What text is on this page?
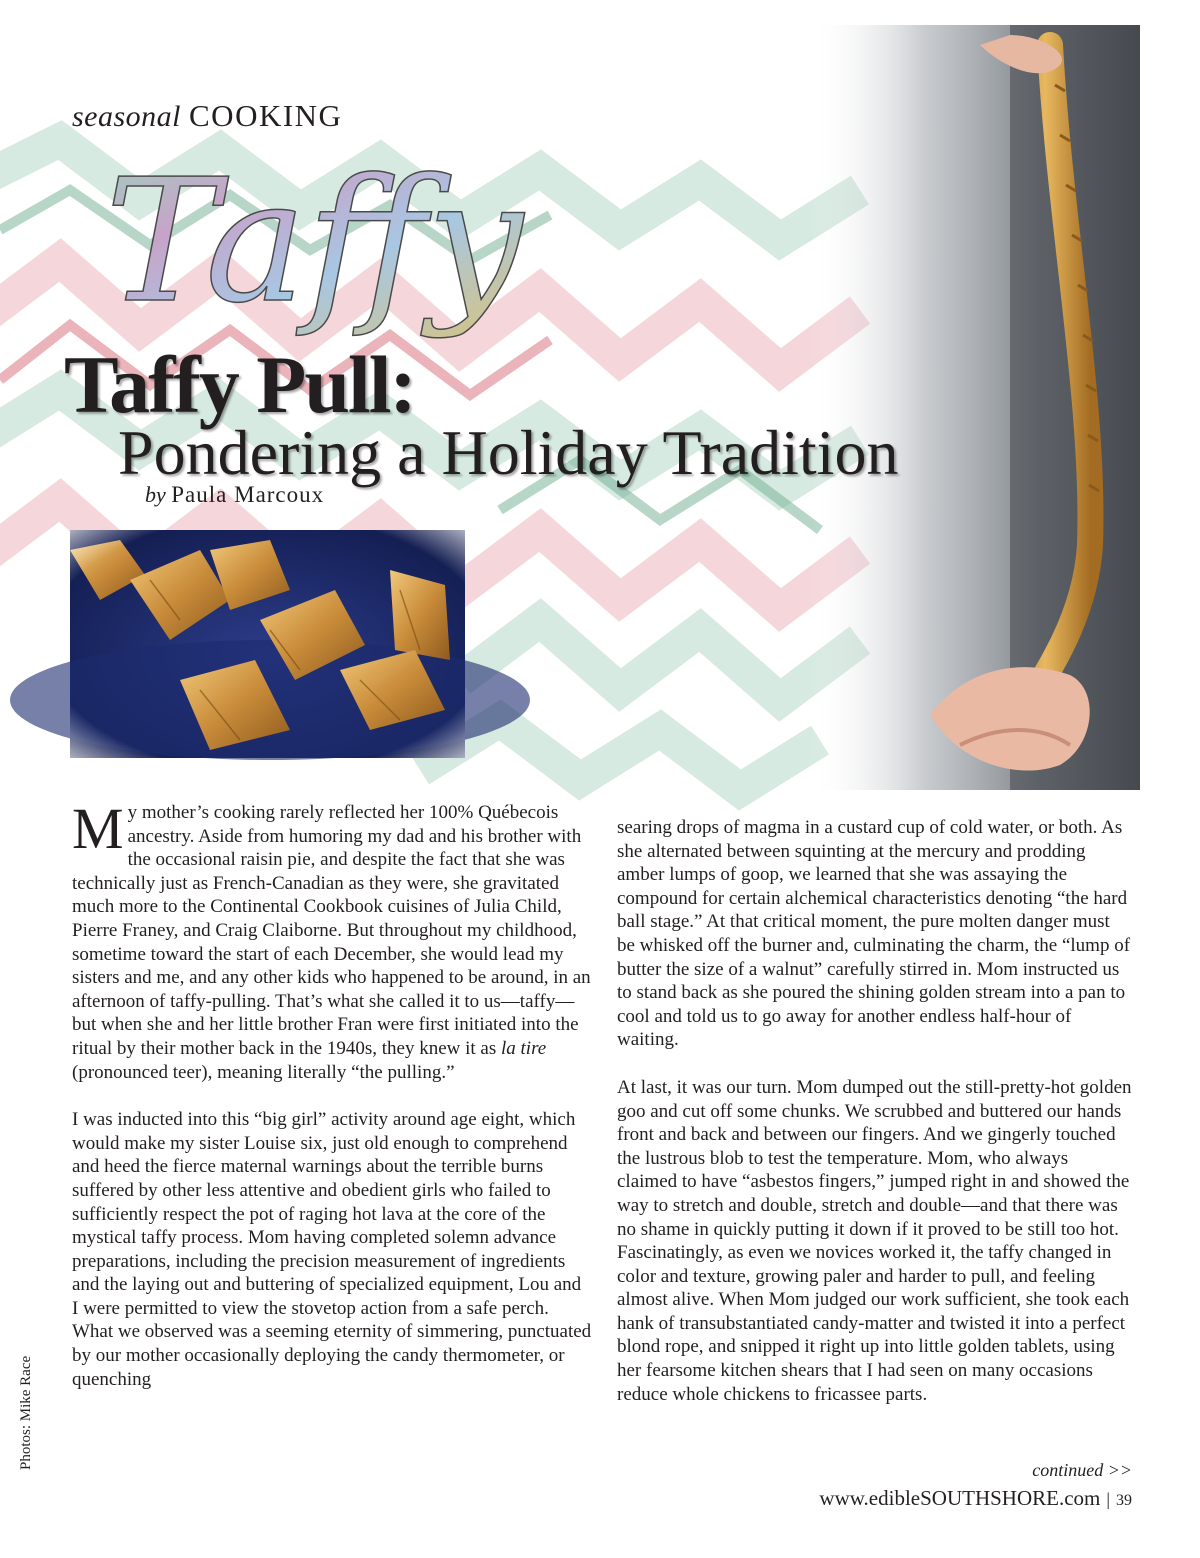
seasonal COOKING
Taffy
Taffy Pull:
Pondering a Holiday Tradition
by Paula Marcoux

My mother’s cooking rarely reflected her 100% Québecois ancestry. Aside from humoring my dad and his brother with the occasional raisin pie, and despite the fact that she was technically just as French-Canadian as they were, she gravitated much more to the Continental Cookbook cuisines of Julia Child, Pierre Franey, and Craig Claiborne. But throughout my childhood, sometime toward the start of each December, she would lead my sisters and me, and any other kids who happened to be around, in an afternoon of taffy-pulling. That’s what she called it to us—taffy—but when she and her little brother Fran were first initiated into the ritual by their mother back in the 1940s, they knew it as la tire (pronounced teer), meaning literally “the pulling.”

I was inducted into this “big girl” activity around age eight, which would make my sister Louise six, just old enough to comprehend and heed the fierce maternal warnings about the terrible burns suffered by other less attentive and obedient girls who failed to sufficiently respect the pot of raging hot lava at the core of the mystical taffy process. Mom having completed solemn advance preparations, including the precision measurement of ingredients and the laying out and buttering of specialized equipment, Lou and I were permitted to view the stovetop action from a safe perch. What we observed was a seeming eternity of simmering, punctuated by our mother occasionally deploying the candy thermometer, or quenching

searing drops of magma in a custard cup of cold water, or both. As she alternated between squinting at the mercury and prodding amber lumps of goop, we learned that she was assaying the compound for certain alchemical characteristics denoting “the hard ball stage.” At that critical moment, the pure molten danger must be whisked off the burner and, culminating the charm, the “lump of butter the size of a walnut” carefully stirred in. Mom instructed us to stand back as she poured the shining golden stream into a pan to cool and told us to go away for another endless half-hour of waiting.

At last, it was our turn. Mom dumped out the still-pretty-hot golden goo and cut off some chunks. We scrubbed and buttered our hands front and back and between our fingers. And we gingerly touched the lustrous blob to test the temperature. Mom, who always claimed to have “asbestos fingers,” jumped right in and showed the way to stretch and double, stretch and double—and that there was no shame in quickly putting it down if it proved to be still too hot. Fascinatingly, as even we novices worked it, the taffy changed in color and texture, growing paler and harder to pull, and feeling almost alive. When Mom judged our work sufficient, she took each hank of transubstantiated candy-matter and twisted it into a perfect blond rope, and snipped it right up into little golden tablets, using her fearsome kitchen shears that I had seen on many occasions reduce whole chickens to fricassee parts.

Photos: Mike Race	continued >>
www.edibleSOUTHSHORE.com | 39
